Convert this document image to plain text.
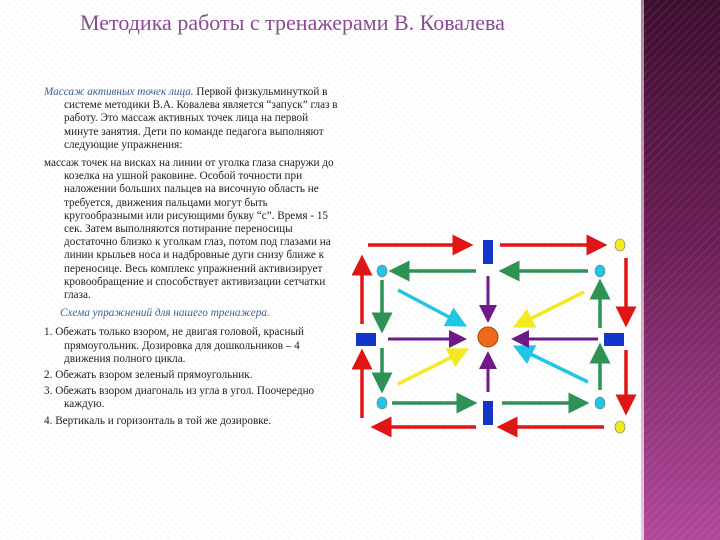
Методика работы с тренажерами В. Ковалева

Массаж активных точек лица. Первой физкульминуткой в системе методики В.А. Ковалева является “запуск” глаз в работу. Это массаж активных точек лица на первой минуте занятия. Дети по команде педагога выполняют следующие упражнения:

массаж точек на висках на линии от уголка глаза снаружи до козелка на ушной раковине. Особой точности при наложении больших пальцев на височную область не требуется, движения пальцами могут быть кругообразными или рисующими букву “с”. Время - 15 сек. Затем выполняются потирание переносицы достаточно близко к уголкам глаз, потом под глазами на линии крыльев носа и надбровные дуги снизу ближе к переносице. Весь комплекс упражнений активизирует кровообращение и способствует активизации сетчатки глаза.

Схема упражнений для нашего тренажера.

1. Обежать только взором, не двигая головой, красный прямоугольник. Дозировка для дошкольников – 4 движения полного цикла.

2. Обежать взором зеленый прямоугольник.

3. Обежать взором диагональ из угла в угол. Поочередно каждую.

4. Вертикаль и горизонталь в той же дозировке.
